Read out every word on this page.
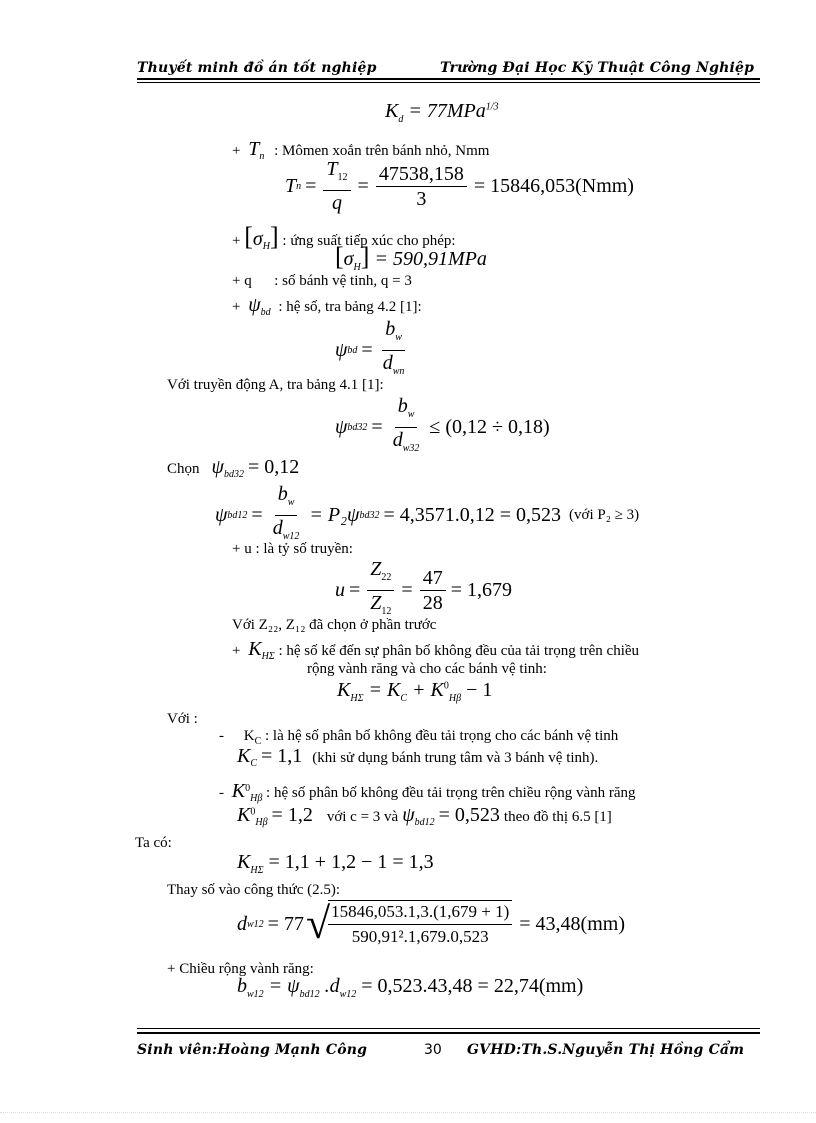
Thuyết minh đồ án tốt nghiệp	Trường Đại Học Kỹ Thuật Công Nghiệp
$K_d = 77MPa^{1/3}$
+ $T_n$ : Mômen xoắn trên bánh nhỏ, Nmm
T $n = \frac{T_{12}}{q} = \frac{47538,158}{3} = 15846,053(Nmm)$
+ $[\sigma_H]$ : ứng suất tiếp xúc cho phép:
$[\sigma_H] = 590,91MPa$
+ q      : số bánh vệ tinh, q = 3
+ $\psi_{bd}$ : hệ số, tra bảng 4.2 [1]:
ψ bd = $\frac{b_w}{d_{wn}}$
Với truyền động A, tra bảng 4.1 [1]:
ψ $bd32 = \frac{b_w}{d_{w32}} \le (0,12 \div 0,18)$
Chọn $\psi_{bd32} = 0,12$
ψ $bd12 = \frac{b_w}{d_{w12}} = P_2\psi$ bd32 = 4,3571.0,12 = 0,523 (với P₂ ≥ 3)
+ u : là tỷ số truyền:
$u = \frac{Z_{22}}{Z_{12}} = \frac{47}{28} = 1,679$
Với Z₂₂, Z₁₂ đã chọn ở phần trước
+ $K_{H\Sigma}$ : hệ số kể đến sự phân bố không đều của tải trọng trên chiều
rộng vành răng và cho các bánh vệ tinh:
$K_{H\Sigma} = K_C + K^0_{H\beta} - 1$
Với :
- $K_C$ : là hệ số phân bố không đều tải trọng cho các bánh vệ tinh
$K_C = 1,1$ (khi sử dụng bánh trung tâm và 3 bánh vệ tinh).
- $K^0_{H\beta}$ : hệ số phân bố không đều tải trọng trên chiều rộng vành răng
$K^0_{H\beta} = 1,2$ với c = 3 và $\psi_{bd12} = 0,523$ theo đồ thị 6.5 [1]
Ta có:
$K_{H\Sigma} = 1,1 + 1,2 - 1 = 1,3$
Thay số vào công thức (2.5):
d w12 = 77 √
$\frac{15846,053.1,3.(1,679 + 1)}{\text{590,91².1,679.0,523}} = 43,48(mm)$
+ Chiều rộng vành răng:
$b_{w12} = \psi_{bd12}$ $.d_{w12} = 0,523.43,48 = 22,74(mm)$
Sinh viên:Hoàng Mạnh Công	30 GVHD:Th.S.Nguyễn Thị Hồng Cẩm
